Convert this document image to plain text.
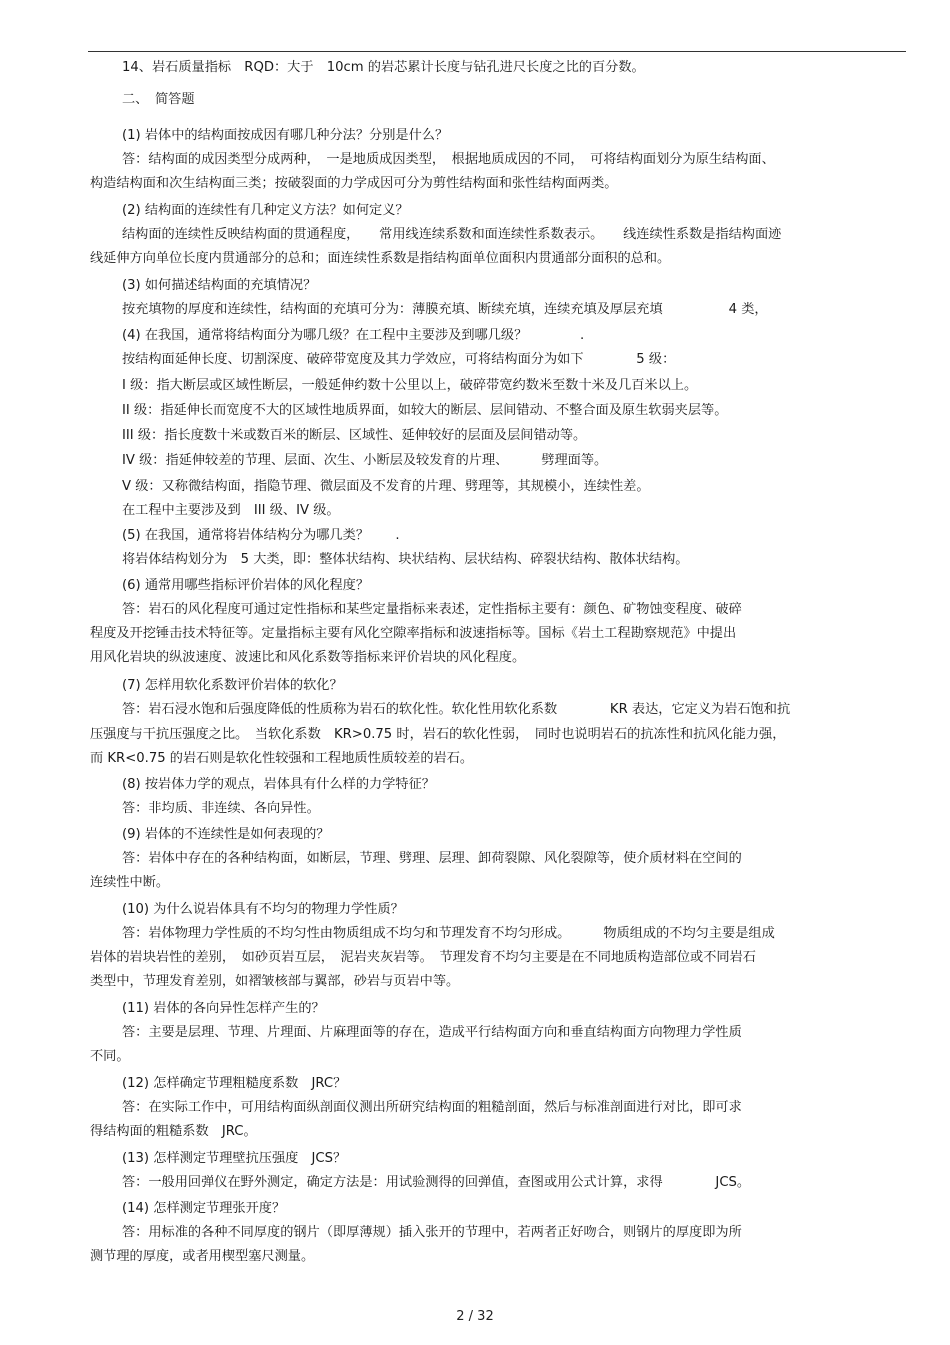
14、岩石质量指标　RQD：大于　10cm 的岩芯累计长度与钻孔进尺长度之比的百分数。
二、　简答题
(1) 岩体中的结构面按成因有哪几种分法？分别是什么？
答：结构面的成因类型分成两种，　一是地质成因类型，　根据地质成因的不同，　可将结构面划分为原生结构面、
构造结构面和次生结构面三类；按破裂面的力学成因可分为剪性结构面和张性结构面两类。
(2) 结构面的连续性有几种定义方法？如何定义？
结构面的连续性反映结构面的贯通程度，　　常用线连续系数和面连续性系数表示。　　线连续性系数是指结构面迹
线延伸方向单位长度内贯通部分的总和；面连续性系数是指结构面单位面积内贯通部分面积的总和。
(3) 如何描述结构面的充填情况？
按充填物的厚度和连续性，结构面的充填可分为：薄膜充填、断续充填，连续充填及厚层充填　　　　　4 类，
(4) 在我国，通常将结构面分为哪几级？在工程中主要涉及到哪几级？　　　　.
按结构面延伸长度、切割深度、破碎带宽度及其力学效应，可将结构面分为如下　　　　5 级：
I 级：指大断层或区域性断层，一般延伸约数十公里以上，破碎带宽约数米至数十米及几百米以上。
II 级：指延伸长而宽度不大的区域性地质界面，如较大的断层、层间错动、不整合面及原生软弱夹层等。
III 级：指长度数十米或数百米的断层、区域性、延伸较好的层面及层间错动等。
IV 级：指延伸较差的节理、层面、次生、小断层及较发育的片理、　　　劈理面等。
V 级：又称微结构面，指隐节理、微层面及不发育的片理、劈理等，其规模小，连续性差。
在工程中主要涉及到　III 级、IV 级。
(5) 在我国，通常将岩体结构分为哪几类？　　.
将岩体结构划分为　5 大类，即：整体状结构、块状结构、层状结构、碎裂状结构、散体状结构。
(6) 通常用哪些指标评价岩体的风化程度？
答：岩石的风化程度可通过定性指标和某些定量指标来表述，定性指标主要有：颜色、矿物蚀变程度、破碎
程度及开挖锤击技术特征等。定量指标主要有风化空隙率指标和波速指标等。国标《岩土工程勘察规范》中提出
用风化岩块的纵波速度、波速比和风化系数等指标来评价岩块的风化程度。
(7) 怎样用软化系数评价岩体的软化？
答：岩石浸水饱和后强度降低的性质称为岩石的软化性。软化性用软化系数　　　　KR 表达，它定义为岩石饱和抗
压强度与干抗压强度之比。　当软化系数　KR>0.75 时，岩石的软化性弱，　同时也说明岩石的抗冻性和抗风化能力强，
而 KR<0.75 的岩石则是软化性较强和工程地质性质较差的岩石。
(8) 按岩体力学的观点，岩体具有什么样的力学特征？
答：非均质、非连续、各向异性。
(9) 岩体的不连续性是如何表现的？
答：岩体中存在的各种结构面，如断层，节理、劈理、层理、卸荷裂隙、风化裂隙等，使介质材料在空间的
连续性中断。
(10) 为什么说岩体具有不均匀的物理力学性质？
答：岩体物理力学性质的不均匀性由物质组成不均匀和节理发育不均匀形成。　　　物质组成的不均匀主要是组成
岩体的岩块岩性的差别，　如砂页岩互层，　泥岩夹灰岩等。　节理发育不均匀主要是在不同地质构造部位或不同岩石
类型中，节理发育差别，如褶皱核部与翼部，砂岩与页岩中等。
(11) 岩体的各向异性怎样产生的？
答：主要是层理、节理、片理面、片麻理面等的存在，造成平行结构面方向和垂直结构面方向物理力学性质
不同。
(12) 怎样确定节理粗糙度系数　JRC？
答：在实际工作中，可用结构面纵剖面仪测出所研究结构面的粗糙剖面，然后与标准剖面进行对比，即可求
得结构面的粗糙系数　JRC。
(13) 怎样测定节理壁抗压强度　JCS？
答：一般用回弹仪在野外测定，确定方法是：用试验测得的回弹值，查图或用公式计算，求得　　　　JCS。
(14) 怎样测定节理张开度？
答：用标准的各种不同厚度的钢片（即厚薄规）插入张开的节理中，若两者正好吻合，则钢片的厚度即为所
测节理的厚度，或者用楔型塞尺测量。
2 / 32
